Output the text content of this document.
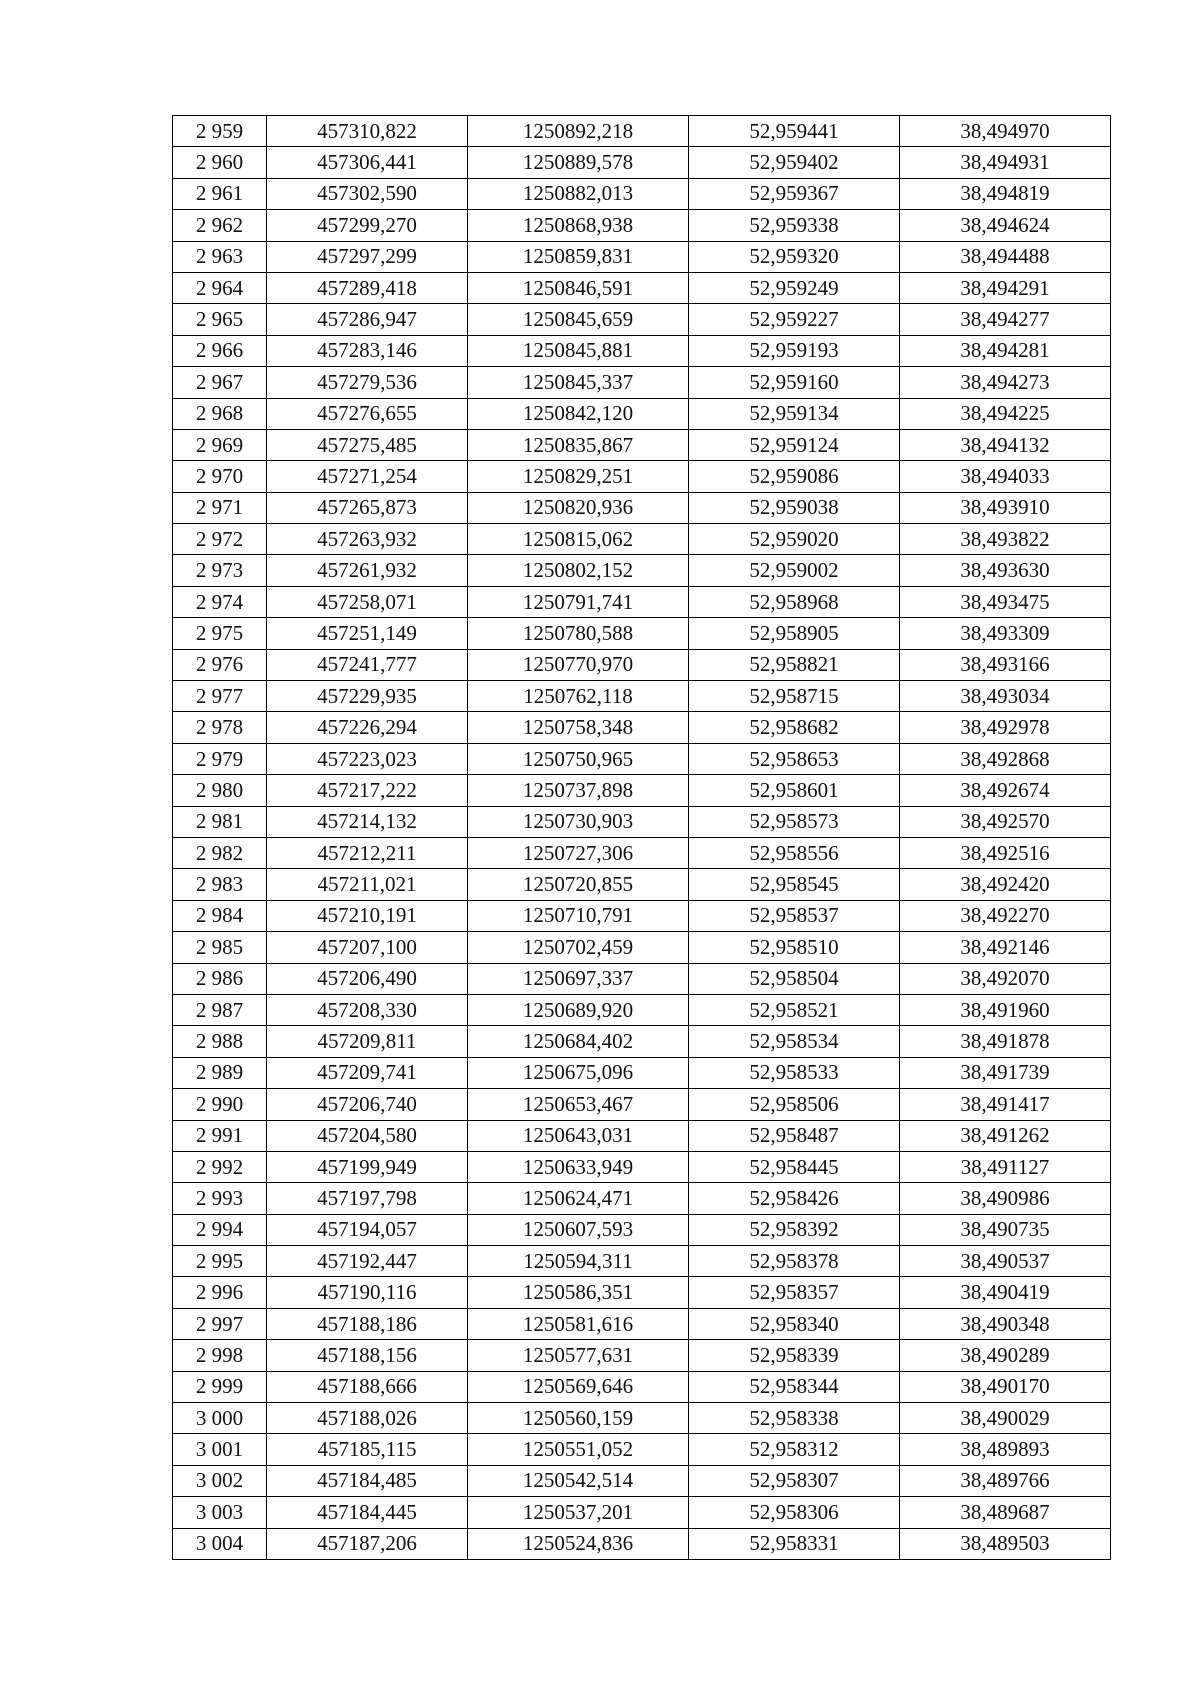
2 959	457310,822	1250892,218	52,959441	38,494970
2 960	457306,441	1250889,578	52,959402	38,494931
2 961	457302,590	1250882,013	52,959367	38,494819
2 962	457299,270	1250868,938	52,959338	38,494624
2 963	457297,299	1250859,831	52,959320	38,494488
2 964	457289,418	1250846,591	52,959249	38,494291
2 965	457286,947	1250845,659	52,959227	38,494277
2 966	457283,146	1250845,881	52,959193	38,494281
2 967	457279,536	1250845,337	52,959160	38,494273
2 968	457276,655	1250842,120	52,959134	38,494225
2 969	457275,485	1250835,867	52,959124	38,494132
2 970	457271,254	1250829,251	52,959086	38,494033
2 971	457265,873	1250820,936	52,959038	38,493910
2 972	457263,932	1250815,062	52,959020	38,493822
2 973	457261,932	1250802,152	52,959002	38,493630
2 974	457258,071	1250791,741	52,958968	38,493475
2 975	457251,149	1250780,588	52,958905	38,493309
2 976	457241,777	1250770,970	52,958821	38,493166
2 977	457229,935	1250762,118	52,958715	38,493034
2 978	457226,294	1250758,348	52,958682	38,492978
2 979	457223,023	1250750,965	52,958653	38,492868
2 980	457217,222	1250737,898	52,958601	38,492674
2 981	457214,132	1250730,903	52,958573	38,492570
2 982	457212,211	1250727,306	52,958556	38,492516
2 983	457211,021	1250720,855	52,958545	38,492420
2 984	457210,191	1250710,791	52,958537	38,492270
2 985	457207,100	1250702,459	52,958510	38,492146
2 986	457206,490	1250697,337	52,958504	38,492070
2 987	457208,330	1250689,920	52,958521	38,491960
2 988	457209,811	1250684,402	52,958534	38,491878
2 989	457209,741	1250675,096	52,958533	38,491739
2 990	457206,740	1250653,467	52,958506	38,491417
2 991	457204,580	1250643,031	52,958487	38,491262
2 992	457199,949	1250633,949	52,958445	38,491127
2 993	457197,798	1250624,471	52,958426	38,490986
2 994	457194,057	1250607,593	52,958392	38,490735
2 995	457192,447	1250594,311	52,958378	38,490537
2 996	457190,116	1250586,351	52,958357	38,490419
2 997	457188,186	1250581,616	52,958340	38,490348
2 998	457188,156	1250577,631	52,958339	38,490289
2 999	457188,666	1250569,646	52,958344	38,490170
3 000	457188,026	1250560,159	52,958338	38,490029
3 001	457185,115	1250551,052	52,958312	38,489893
3 002	457184,485	1250542,514	52,958307	38,489766
3 003	457184,445	1250537,201	52,958306	38,489687
3 004	457187,206	1250524,836	52,958331	38,489503
